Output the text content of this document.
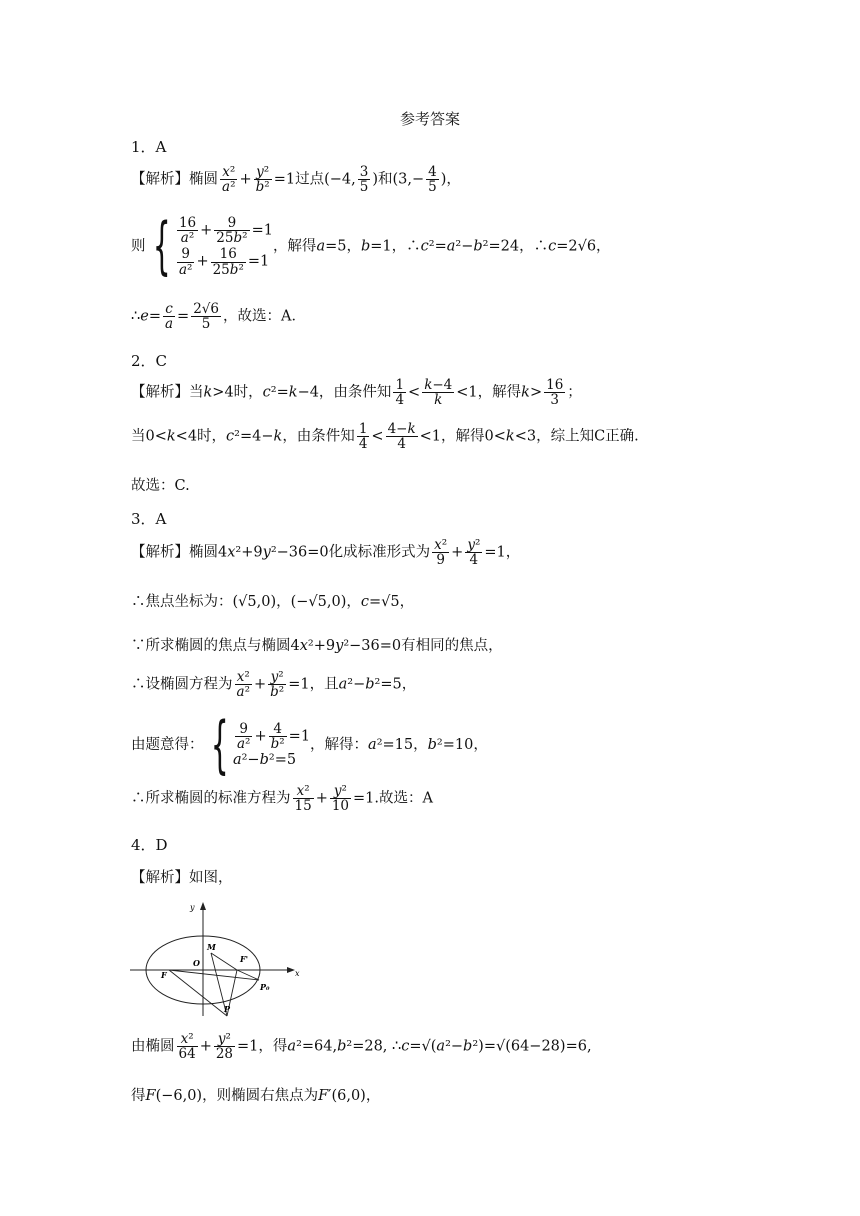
参考答案
1．A
【解析】椭圆 $\frac{\text{x²}}{\text{a²}} + \frac{\text{y²}}{\text{b²}} =1$过点(−4, $\frac{3}{5}$ )和($3,- \frac{4}{5}$ )，
则 { $\frac{16}{\text{a²}} + \frac{9}{\text{25b²}} =1$
$\frac{9}{\text{a²}} + \frac{16}{\text{25b²}} =1$
，解得a=5，b=1，∴c²=a²−b²=24，∴c=2√6，
∴e= $\frac{c}{a} = \frac{2√6}{5}$ ，故选：A．
2．C
【解析】当k>4时，c²=k−4，由条件知 $\frac{1}{4} < \frac{k-4}{k} <1$，解得$k> \frac{16}{3}$ ；
当0<k<4时，c²=4−k，由条件知 $\frac{1}{4} < \frac{4-k}{4} <1$，解得0<k<3，综上知C正确.
故选：C.
3．A
【解析】椭圆4x²+9y²−36=0化成标准形式为 $\frac{\text{x²}}{9} + \frac{\text{y²}}{4} =1$，
∴焦点坐标为：(√5,0)，(−√5,0)，c=√5，
∵所求椭圆的焦点与椭圆4x²+9y²−36=0有相同的焦点，
∴设椭圆方程为 $\frac{\text{x²}}{\text{a²}} + \frac{\text{y²}}{\text{b²}} =1$，且a²−b²=5，
由题意得： { $\frac{9}{\text{a²}} + \frac{4}{\text{b²}} =1$
a²−b²=5
，解得：a²=15，b²=10，
∴所求椭圆的标准方程为 $\frac{\text{x²}}{15} + \frac{\text{y²}}{10} =1$.故选：A
4．D
【解析】如图，
y
x
M
O
F
F'
P₀
P
由椭圆 $\frac{\text{x²}}{64} + \frac{\text{y²}}{28} =1$，得a²=64,b²=28, ∴c=√(a²−b²)=√(64−28)=6,
得F(−6,0)，则椭圆右焦点为F′(6,0)，
